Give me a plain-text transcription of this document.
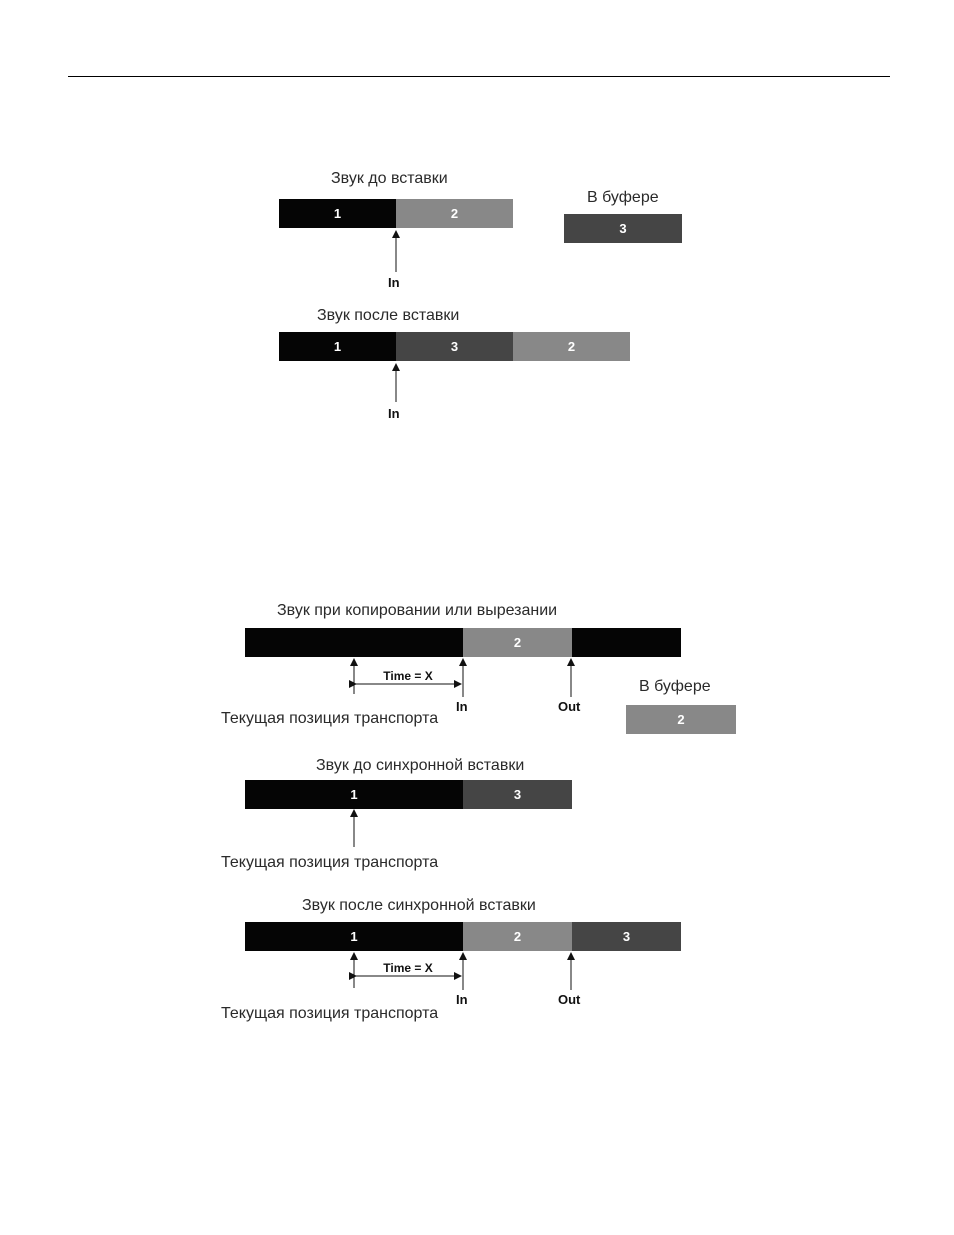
Звук до вставки
1	2
В буфере
3
In
Звук после вставки
1	3	2
In
Звук при копировании или вырезании
2
Time = X
In	Out
Текущая позиция транспорта
В буфере
2
Звук до синхронной вставки
1	3
Текущая позиция транспорта
Звук после синхронной вставки
1	2	3
Time = X
In	Out
Текущая позиция транспорта
